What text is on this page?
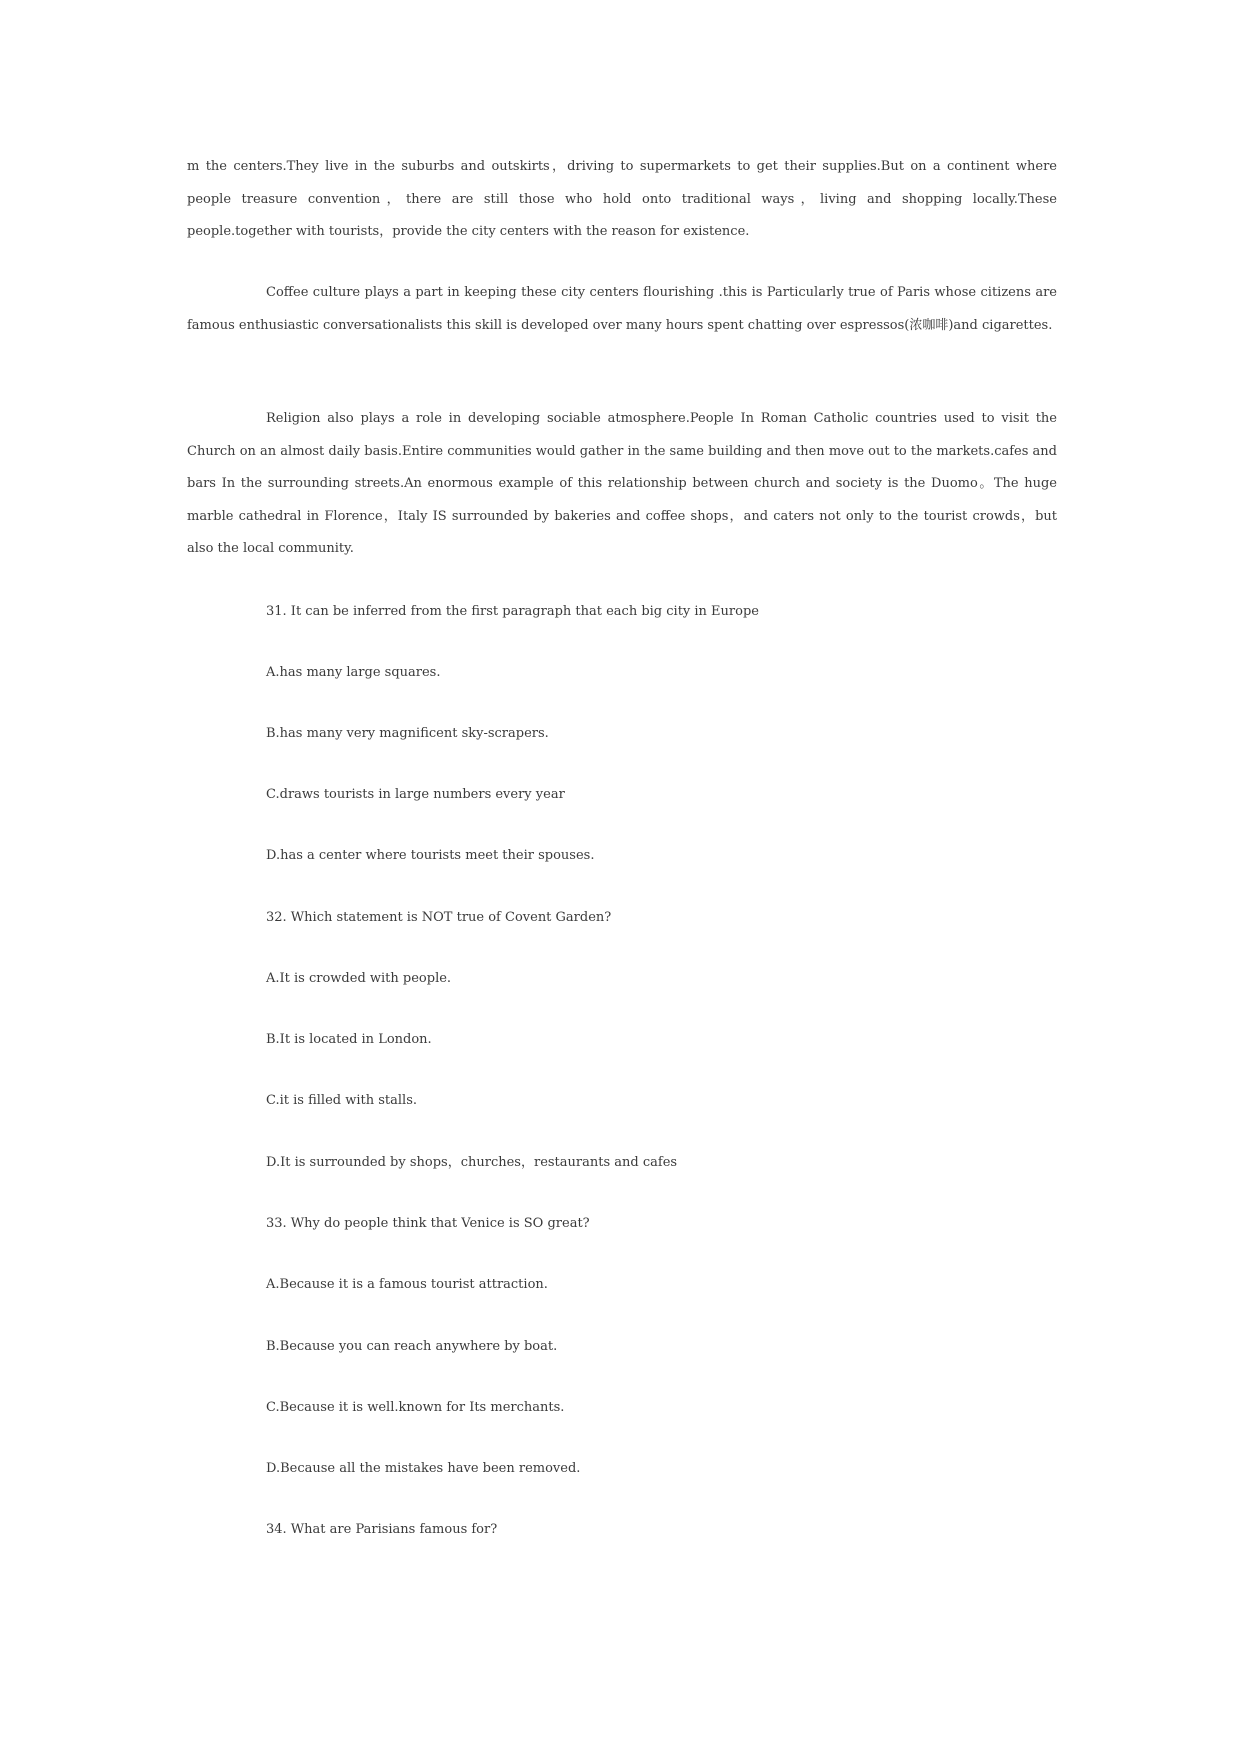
m the centers.They live in the suburbs and outskirts，driving to supermarkets to get their supplies.But on a continent where people treasure convention，there are still those who hold onto traditional ways，living and shopping locally.These people.together with tourists，provide the city centers with the reason for existence.

Coffee culture plays a part in keeping these city centers flourishing .this is Particularly true of Paris whose citizens are famous enthusiastic conversationalists this skill is developed over many hours spent chatting over espressos(浓咖啡)and cigarettes.

Religion also plays a role in developing sociable atmosphere.People In Roman Catholic countries used to visit the Church on an almost daily basis.Entire communities would gather in the same building and then move out to the markets.cafes and bars In the surrounding streets.An enormous example of this relationship between church and society is the Duomo。The huge marble cathedral in Florence，Italy IS surrounded by bakeries and coffee shops，and caters not only to the tourist crowds，but also the local community.

31. It can be inferred from the first paragraph that each big city in Europe

A.has many large squares.

B.has many very magnificent sky-scrapers.

C.draws tourists in large numbers every year

D.has a center where tourists meet their spouses.

32. Which statement is NOT true of Covent Garden?

A.It is crowded with people.

B.It is located in London.

C.it is filled with stalls.

D.It is surrounded by shops，churches，restaurants and cafes

33. Why do people think that Venice is SO great?

A.Because it is a famous tourist attraction.

B.Because you can reach anywhere by boat.

C.Because it is well.known for Its merchants.

D.Because all the mistakes have been removed.

34. What are Parisians famous for?
